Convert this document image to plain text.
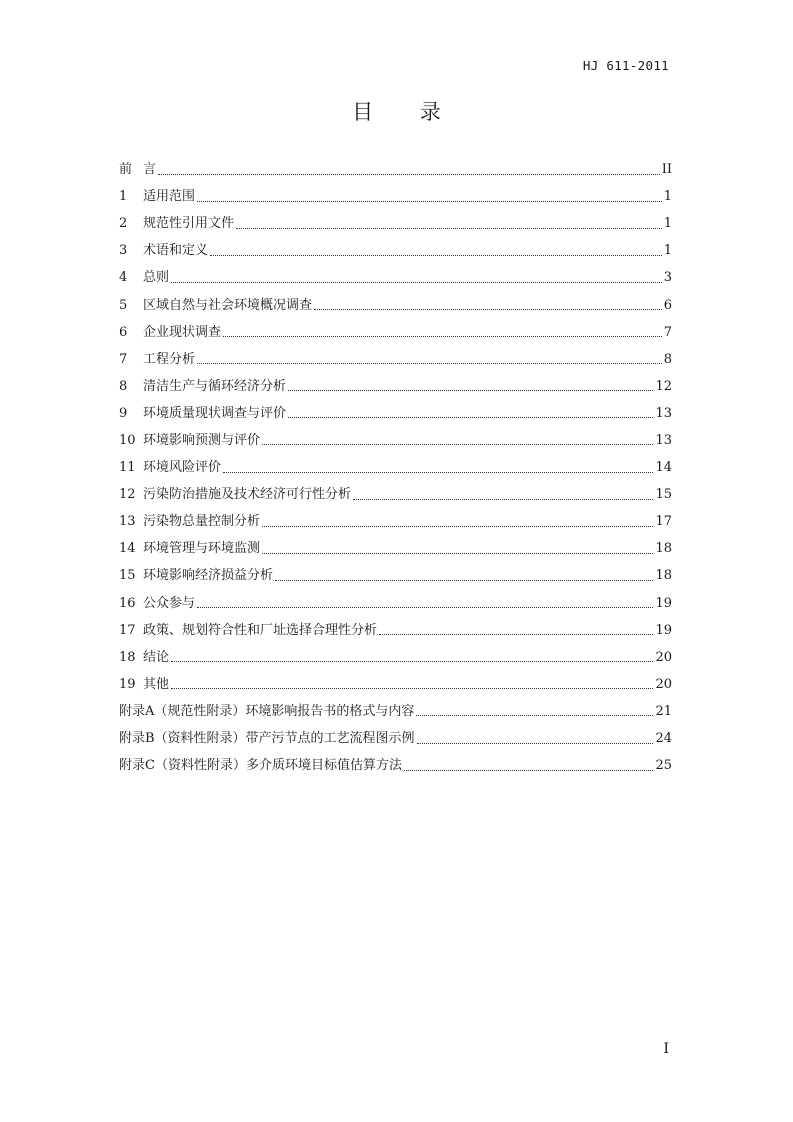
HJ 611-2011
目 录
前 言	II
1	适用范围	1
2	规范性引用文件	1
3	术语和定义	1
4	总则	3
5	区域自然与社会环境概况调查	6
6	企业现状调查	7
7	工程分析	8
8	清洁生产与循环经济分析	12
9	环境质量现状调查与评价	13
10 环境影响预测与评价	13
11 环境风险评价	14
12 污染防治措施及技术经济可行性分析	15
13 污染物总量控制分析	17
14 环境管理与环境监测	18
15 环境影响经济损益分析	18
16 公众参与	19
17 政策、规划符合性和厂址选择合理性分析	19
18 结论	20
19 其他	20
附录A（规范性附录）环境影响报告书的格式与内容	21
附录B（资料性附录）带产污节点的工艺流程图示例	24
附录C（资料性附录）多介质环境目标值估算方法	25
I
